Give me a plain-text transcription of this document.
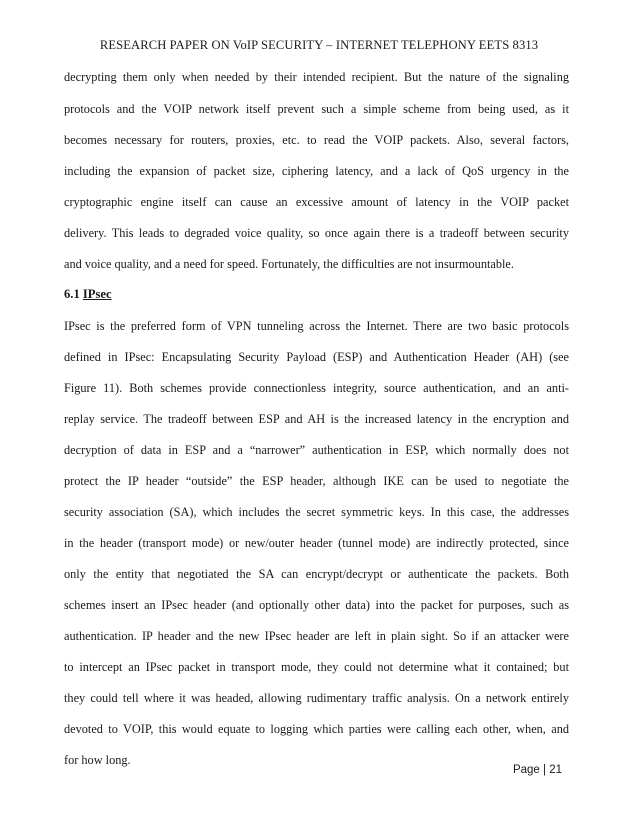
RESEARCH PAPER ON VoIP SECURITY – INTERNET TELEPHONY EETS 8313
decrypting them only when needed by their intended recipient. But the nature of the signaling
protocols and the VOIP network itself prevent such a simple scheme from being used, as it
becomes necessary for routers, proxies, etc. to read the VOIP packets. Also, several factors,
including the expansion of packet size, ciphering latency, and a lack of QoS urgency in the
cryptographic engine itself can cause an excessive amount of latency in the VOIP packet
delivery. This leads to degraded voice quality, so once again there is a tradeoff between security
and voice quality, and a need for speed. Fortunately, the difficulties are not insurmountable.
6.1 IPsec
IPsec is the preferred form of VPN tunneling across the Internet. There are two basic protocols
defined in IPsec: Encapsulating Security Payload (ESP) and Authentication Header (AH) (see
Figure 11). Both schemes provide connectionless integrity, source authentication, and an anti-
replay service. The tradeoff between ESP and AH is the increased latency in the encryption and
decryption of data in ESP and a “narrower” authentication in ESP, which normally does not
protect the IP header “outside” the ESP header, although IKE can be used to negotiate the
security association (SA), which includes the secret symmetric keys. In this case, the addresses
in the header (transport mode) or new/outer header (tunnel mode) are indirectly protected, since
only the entity that negotiated the SA can encrypt/decrypt or authenticate the packets. Both
schemes insert an IPsec header (and optionally other data) into the packet for purposes, such as
authentication. IP header and the new IPsec header are left in plain sight. So if an attacker were
to intercept an IPsec packet in transport mode, they could not determine what it contained; but
they could tell where it was headed, allowing rudimentary traffic analysis. On a network entirely
devoted to VOIP, this would equate to logging which parties were calling each other, when, and
for how long.
Page | 21
